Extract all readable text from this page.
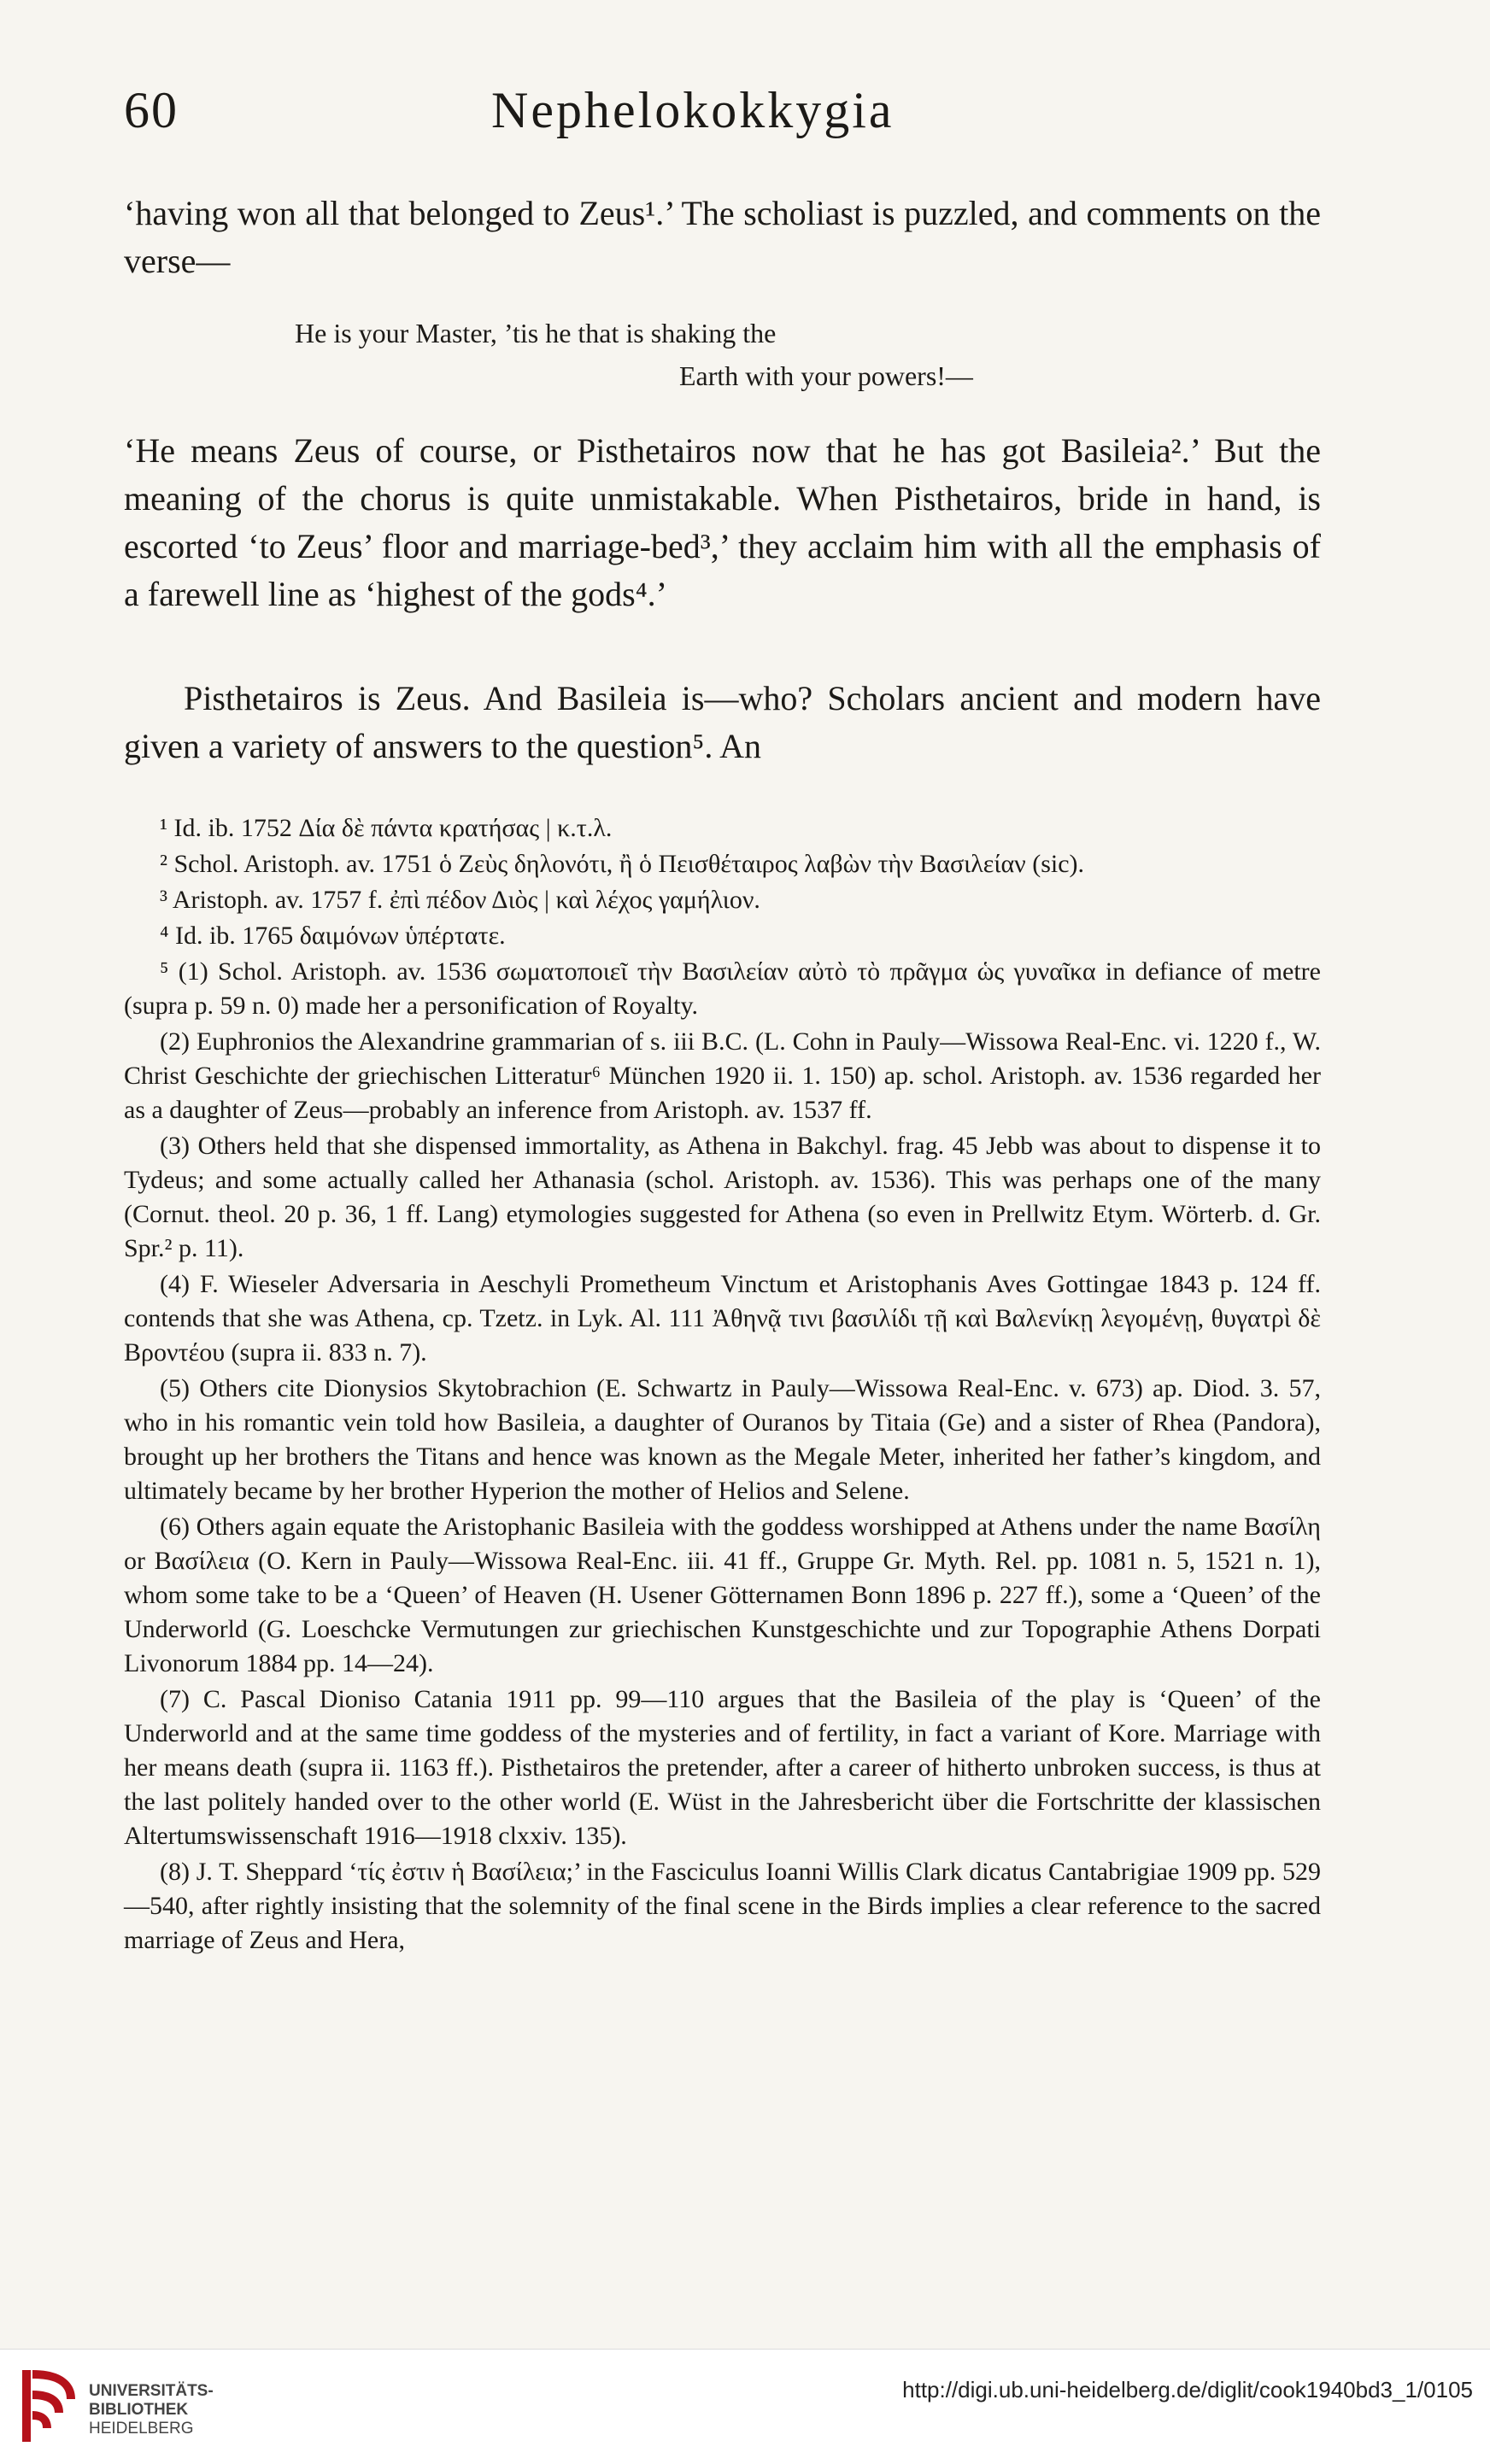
60	Nephelokokkygia
‘having won all that belonged to Zeus¹.’ The scholiast is puzzled, and comments on the verse—
He is your Master, ’tis he that is shaking the
Earth with your powers!—
‘He means Zeus of course, or Pisthetairos now that he has got Basileia².’ But the meaning of the chorus is quite unmistakable. When Pisthetairos, bride in hand, is escorted ‘to Zeus’ floor and marriage-bed³,’ they acclaim him with all the emphasis of a farewell line as ‘highest of the gods⁴.’
Pisthetairos is Zeus. And Basileia is—who? Scholars ancient and modern have given a variety of answers to the question⁵. An
¹ Id. ib. 1752 Δία δὲ πάντα κρατήσας | κ.τ.λ.
² Schol. Aristoph. av. 1751 ὁ Ζεὺς δηλονότι, ἢ ὁ Πεισθέταιρος λαβὼν τὴν Βασιλείαν (sic).
³ Aristoph. av. 1757 f. ἐπὶ πέδον Διὸς | καὶ λέχος γαμήλιον.
⁴ Id. ib. 1765 δαιμόνων ὑπέρτατε.
⁵ (1) Schol. Aristoph. av. 1536 σωματοποιεῖ τὴν Βασιλείαν αὐτὸ τὸ πρᾶγμα ὡς γυναῖκα in defiance of metre (supra p. 59 n. 0) made her a personification of Royalty.
(2) Euphronios the Alexandrine grammarian of s. iii B.C. (L. Cohn in Pauly—Wissowa Real-Enc. vi. 1220 f., W. Christ Geschichte der griechischen Litteratur⁶ München 1920 ii. 1. 150) ap. schol. Aristoph. av. 1536 regarded her as a daughter of Zeus—probably an inference from Aristoph. av. 1537 ff.
(3) Others held that she dispensed immortality, as Athena in Bakchyl. frag. 45 Jebb was about to dispense it to Tydeus; and some actually called her Athanasia (schol. Aristoph. av. 1536). This was perhaps one of the many (Cornut. theol. 20 p. 36, 1 ff. Lang) etymologies suggested for Athena (so even in Prellwitz Etym. Wörterb. d. Gr. Spr.² p. 11).
(4) F. Wieseler Adversaria in Aeschyli Prometheum Vinctum et Aristophanis Aves Gottingae 1843 p. 124 ff. contends that she was Athena, cp. Tzetz. in Lyk. Al. 111 Ἀθηνᾷ τινι βασιλίδι τῇ καὶ Βαλενίκῃ λεγομένῃ, θυγατρὶ δὲ Βροντέου (supra ii. 833 n. 7).
(5) Others cite Dionysios Skytobrachion (E. Schwartz in Pauly—Wissowa Real-Enc. v. 673) ap. Diod. 3. 57, who in his romantic vein told how Basileia, a daughter of Ouranos by Titaia (Ge) and a sister of Rhea (Pandora), brought up her brothers the Titans and hence was known as the Megale Meter, inherited her father’s kingdom, and ultimately became by her brother Hyperion the mother of Helios and Selene.
(6) Others again equate the Aristophanic Basileia with the goddess worshipped at Athens under the name Βασίλη or Βασίλεια (O. Kern in Pauly—Wissowa Real-Enc. iii. 41 ff., Gruppe Gr. Myth. Rel. pp. 1081 n. 5, 1521 n. 1), whom some take to be a ‘Queen’ of Heaven (H. Usener Götternamen Bonn 1896 p. 227 ff.), some a ‘Queen’ of the Underworld (G. Loeschcke Vermutungen zur griechischen Kunstgeschichte und zur Topographie Athens Dorpati Livonorum 1884 pp. 14—24).
(7) C. Pascal Dioniso Catania 1911 pp. 99—110 argues that the Basileia of the play is ‘Queen’ of the Underworld and at the same time goddess of the mysteries and of fertility, in fact a variant of Kore. Marriage with her means death (supra ii. 1163 ff.). Pisthetairos the pretender, after a career of hitherto unbroken success, is thus at the last politely handed over to the other world (E. Wüst in the Jahresbericht über die Fortschritte der klassischen Altertumswissenschaft 1916—1918 clxxiv. 135).
(8) J. T. Sheppard ‘τίς ἐστιν ἡ Βασίλεια;’ in the Fasciculus Ioanni Willis Clark dicatus Cantabrigiae 1909 pp. 529—540, after rightly insisting that the solemnity of the final scene in the Birds implies a clear reference to the sacred marriage of Zeus and Hera,
UNIVERSITÄTS-
BIBLIOTHEK
HEIDELBERG
http://digi.ub.uni-heidelberg.de/diglit/cook1940bd3_1/0105
